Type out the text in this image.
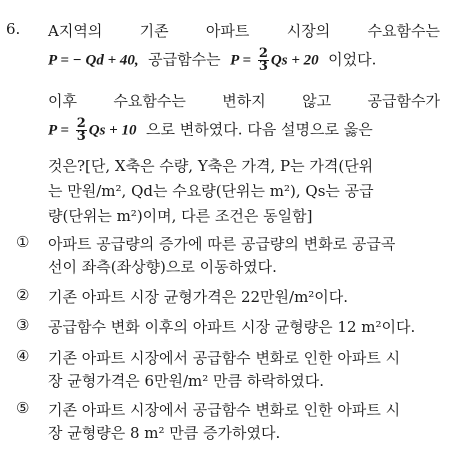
6. A지역의 기존 아파트 시장의 수요함수는
P = − Qd + 40, 공급함수는 $P = \frac{2}{3}$ Qs + 20 이었다.
이후 수요함수는 변하지 않고 공급함수가
$P = \frac{2}{3}$ Qs + 10 으로 변하였다. 다음 설명으로 옳은
것은?[단, X축은 수량, Y축은 가격, P는 가격(단위
는 만원/m², Qd는 수요량(단위는 m²), Qs는 공급
량(단위는 m²)이며, 다른 조건은 동일함]
① 아파트 공급량의 증가에 따른 공급량의 변화로 공급곡
선이 좌측(좌상향)으로 이동하였다.
② 기존 아파트 시장 균형가격은 22만원/m²이다.
③ 공급함수 변화 이후의 아파트 시장 균형량은 12 m²이다.
④ 기존 아파트 시장에서 공급함수 변화로 인한 아파트 시
장 균형가격은 6만원/m² 만큼 하락하였다.
⑤ 기존 아파트 시장에서 공급함수 변화로 인한 아파트 시
장 균형량은 8 m² 만큼 증가하였다.
